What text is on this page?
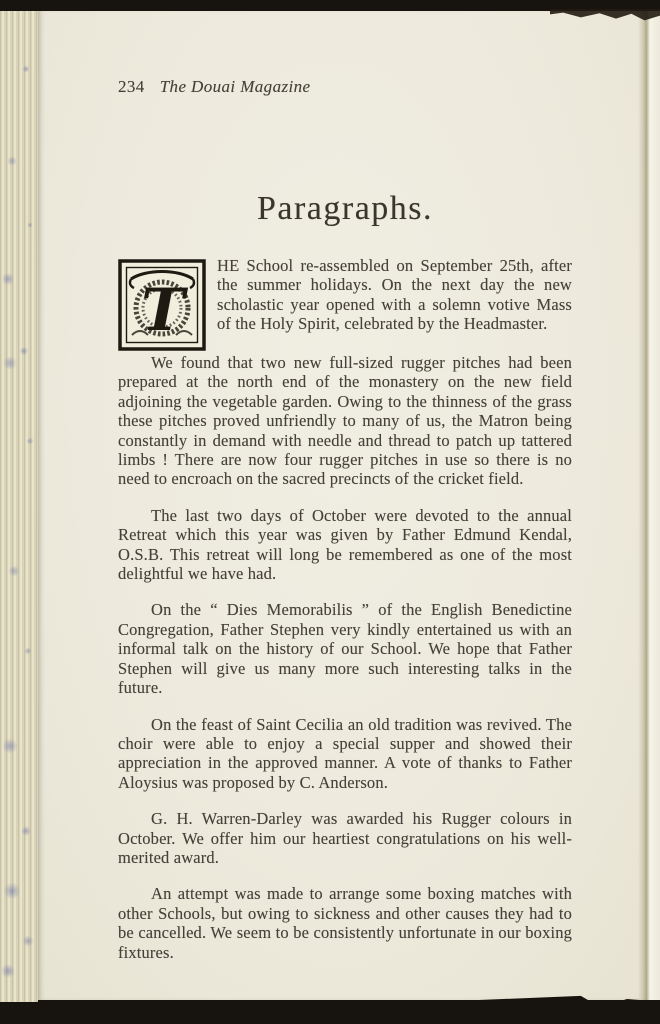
234 The Douai Magazine
Paragraphs.
T
HE School re-assembled on September 25th, after the summer holidays. On the next day the new scholastic year opened with a solemn votive Mass of the Holy Spirit, celebrated by the Headmaster.

We found that two new full-sized rugger pitches had been prepared at the north end of the monastery on the new field adjoining the vegetable garden. Owing to the thinness of the grass these pitches proved unfriendly to many of us, the Matron being constantly in demand with needle and thread to patch up tattered limbs ! There are now four rugger pitches in use so there is no need to encroach on the sacred precincts of the cricket field.

The last two days of October were devoted to the annual Retreat which this year was given by Father Edmund Kendal, O.S.B. This retreat will long be remembered as one of the most delightful we have had.

On the “ Dies Memorabilis ” of the English Benedictine Congregation, Father Stephen very kindly entertained us with an informal talk on the history of our School. We hope that Father Stephen will give us many more such interesting talks in the future.

On the feast of Saint Cecilia an old tradition was revived. The choir were able to enjoy a special supper and showed their appreciation in the approved manner. A vote of thanks to Father Aloysius was proposed by C. Anderson.

G. H. Warren-Darley was awarded his Rugger colours in October. We offer him our heartiest congratulations on his well-merited award.

An attempt was made to arrange some boxing matches with other Schools, but owing to sickness and other causes they had to be cancelled. We seem to be consistently unfortunate in our boxing fixtures.
